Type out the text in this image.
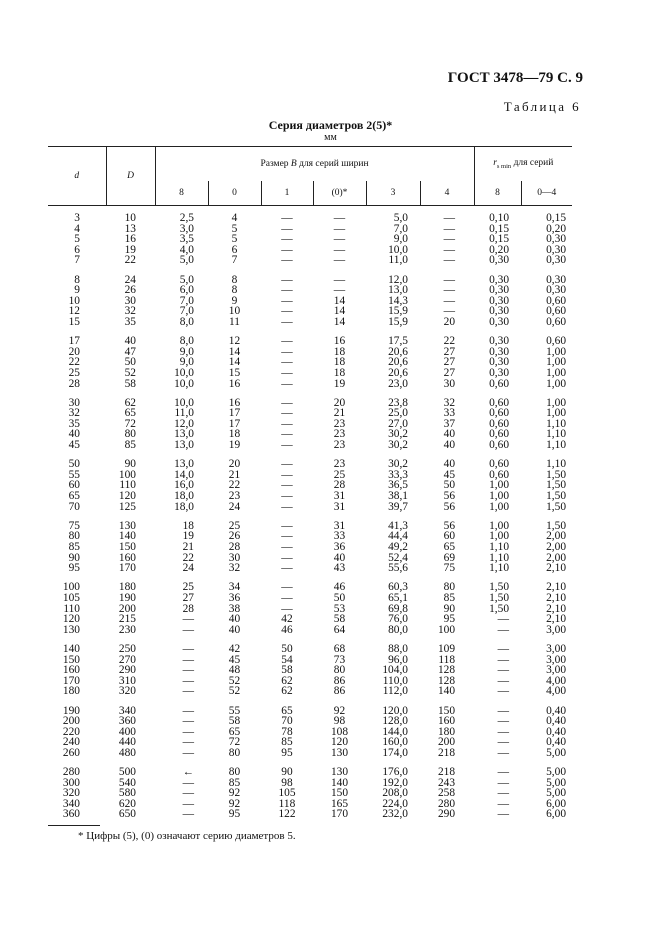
ГОСТ 3478—79 С. 9
Таблица 6
Серия диаметров 2(5)*
мм
d	D	Размер B для серий ширин						$r_{s min}$ для серий	
		8	0	1	(0)*	3	4	8	0—4
3	10	2,5	4	—	—	5,0	—	0,10	0,15
4	13	3,0	5	—	—	7,0	—	0,15	0,20
5	16	3,5	5	—	—	9,0	—	0,15	0,30
6	19	4,0	6	—	—	10,0	—	0,20	0,30
7	22	5,0	7	—	—	11,0	—	0,30	0,30

8	24	5,0	8	—	—	12,0	—	0,30	0,30
9	26	6,0	8	—	—	13,0	—	0,30	0,30
10	30	7,0	9	—	14	14,3	—	0,30	0,60
12	32	7,0	10	—	14	15,9	—	0,30	0,60
15	35	8,0	11	—	14	15,9	20	0,30	0,60

17	40	8,0	12	—	16	17,5	22	0,30	0,60
20	47	9,0	14	—	18	20,6	27	0,30	1,00
22	50	9,0	14	—	18	20,6	27	0,30	1,00
25	52	10,0	15	—	18	20,6	27	0,30	1,00
28	58	10,0	16	—	19	23,0	30	0,60	1,00

30	62	10,0	16	—	20	23,8	32	0,60	1,00
32	65	11,0	17	—	21	25,0	33	0,60	1,00
35	72	12,0	17	—	23	27,0	37	0,60	1,10
40	80	13,0	18	—	23	30,2	40	0,60	1,10
45	85	13,0	19	—	23	30,2	40	0,60	1,10

50	90	13,0	20	—	23	30,2	40	0,60	1,10
55	100	14,0	21	—	25	33,3	45	0,60	1,50
60	110	16,0	22	—	28	36,5	50	1,00	1,50
65	120	18,0	23	—	31	38,1	56	1,00	1,50
70	125	18,0	24	—	31	39,7	56	1,00	1,50

75	130	18	25	—	31	41,3	56	1,00	1,50
80	140	19	26	—	33	44,4	60	1,00	2,00
85	150	21	28	—	36	49,2	65	1,10	2,00
90	160	22	30	—	40	52,4	69	1,10	2,00
95	170	24	32	—	43	55,6	75	1,10	2,10

100	180	25	34	—	46	60,3	80	1,50	2,10
105	190	27	36	—	50	65,1	85	1,50	2,10
110	200	28	38	—	53	69,8	90	1,50	2,10
120	215	—	40	42	58	76,0	95	—	2,10
130	230	—	40	46	64	80,0	100	—	3,00

140	250	—	42	50	68	88,0	109	—	3,00
150	270	—	45	54	73	96,0	118	—	3,00
160	290	—	48	58	80	104,0	128	—	3,00
170	310	—	52	62	86	110,0	128	—	4,00
180	320	—	52	62	86	112,0	140	—	4,00

190	340	—	55	65	92	120,0	150	—	0,40
200	360	—	58	70	98	128,0	160	—	0,40
220	400	—	65	78	108	144,0	180	—	0,40
240	440	—	72	85	120	160,0	200	—	0,40
260	480	—	80	95	130	174,0	218	—	5,00

280	500	←	80	90	130	176,0	218	—	5,00
300	540	—	85	98	140	192,0	243	—	5,00
320	580	—	92	105	150	208,0	258	—	5,00
340	620	—	92	118	165	224,0	280	—	6,00
360	650	—	95	122	170	232,0	290	—	6,00
* Цифры (5), (0) означают серию диаметров 5.
